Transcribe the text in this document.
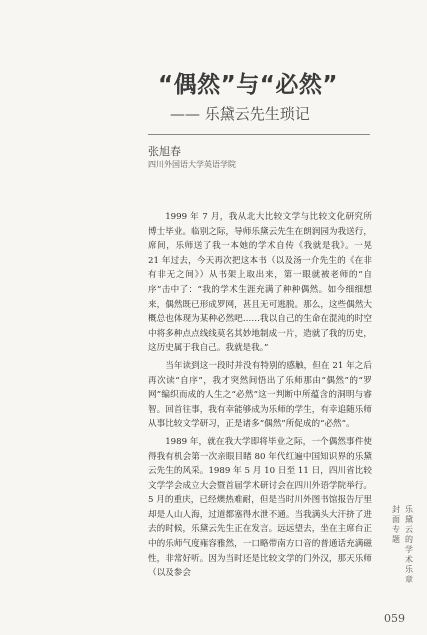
“偶然”与“必然”
—— 乐黛云先生琐记
张旭春
四川外国语大学英语学院

1999 年 7 月，我从北大比较文学与比较文化研究所博士毕业。临别之际，导师乐黛云先生在朗润园为我送行，席间，乐师送了我一本她的学术自传《我就是我》。一晃 21 年过去，今天再次把这本书（以及汤一介先生的《在非有非无之间》）从书架上取出来，第一眼就被老师的“自序”击中了：“我的学术生涯充满了种种偶然。如今细细想来，偶然既已形成罗网，甚且无可逃脱。那么，这些偶然大概总也体现为某种必然吧……我以自己的生命在混沌的时空中将多种点点线线莫名其妙地制成一片，造就了我的历史，这历史属于我自己。我就是我。”

当年读到这一段时并没有特别的感触，但在 21 年之后再次读“自序”，我才突然间悟出了乐师那由“偶然”的“罗网”编织而成的人生之“必然”这一判断中所蕴含的洞明与睿智。回首往事，我有幸能够成为乐师的学生，有幸追随乐师从事比较文学研习，正是诸多“偶然”所促成的“必然”。

1989 年，就在我大学即将毕业之际，一个偶然事件使得我有机会第一次亲眼目睹 80 年代红遍中国知识界的乐黛云先生的风采。1989 年 5 月 10 日至 11 日，四川省比较文学学会成立大会暨首届学术研讨会在四川外语学院举行。5 月的重庆，已经燠热难耐，但是当时川外图书馆报告厅里却是人山人海，过道都塞得水泄不通。当我满头大汗挤了进去的时候，乐黛云先生正在发言。远远望去，坐在主席台正中的乐师气度雍容雅然，一口略带南方口音的普通话充满磁性，非常好听。因为当时还是比较文学的门外汉，那天乐师（以及参会

封面专题
乐黛云的学术乐章
059
